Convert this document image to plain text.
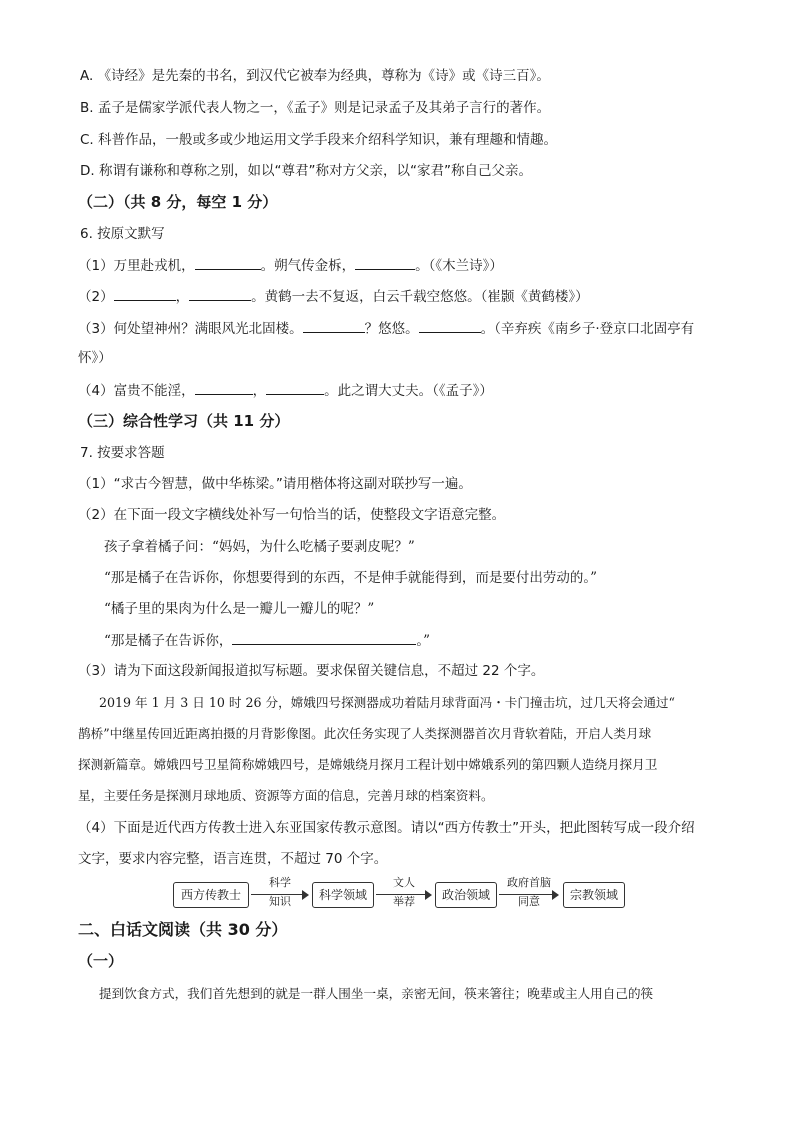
A. 《诗经》是先秦的书名，到汉代它被奉为经典，尊称为《诗》或《诗三百》。
B. 孟子是儒家学派代表人物之一，《孟子》则是记录孟子及其弟子言行的著作。
C. 科普作品，一般或多或少地运用文学手段来介绍科学知识，兼有理趣和情趣。
D. 称谓有谦称和尊称之别，如以“尊君”称对方父亲，以“家君”称自己父亲。
（二）（共 8 分，每空 1 分）
6. 按原文默写
（1）万里赴戎机，	。朔气传金柝，	。（《木兰诗》）
（2）	，	。黄鹤一去不复返，白云千载空悠悠。（崔颢《黄鹤楼》）
（3）何处望神州？满眼风光北固楼。	？悠悠。	。（辛弃疾《南乡子·登京口北固亭有
怀》）
（4）富贵不能淫，	，	。此之谓大丈夫。（《孟子》）
（三）综合性学习（共 11 分）
7. 按要求答题
（1）“求古今智慧，做中华栋梁。”请用楷体将这副对联抄写一遍。
（2）在下面一段文字横线处补写一句恰当的话，使整段文字语意完整。
孩子拿着橘子问：“妈妈，为什么吃橘子要剥皮呢？”
“那是橘子在告诉你，你想要得到的东西，不是伸手就能得到，而是要付出劳动的。”
“橘子里的果肉为什么是一瓣儿一瓣儿的呢？”
“那是橘子在告诉你，	。”
（3）请为下面这段新闻报道拟写标题。要求保留关键信息，不超过 22 个字。
2019 年 1 月 3 日 10 时 26 分，嫦娥四号探测器成功着陆月球背面冯・卡门撞击坑，过几天将会通过“
鹊桥”中继星传回近距离拍摄的月背影像图。此次任务实现了人类探测器首次月背软着陆，开启人类月球
探测新篇章。嫦娥四号卫星简称嫦娥四号，是嫦娥绕月探月工程计划中嫦娥系列的第四颗人造绕月探月卫
星，主要任务是探测月球地质、资源等方面的信息，完善月球的档案资料。
（4）下面是近代西方传教士进入东亚国家传教示意图。请以“西方传教士”开头，把此图转写成一段介绍
文字，要求内容完整，语言连贯，不超过 70 个字。
西方传教士
科学
知识	科学领域
文人
举荐	政治领域
政府首脑
同意	宗教领域
二、白话文阅读（共 30 分）
（一）
提到饮食方式，我们首先想到的就是一群人围坐一桌，亲密无间，筷来箸往；晚辈或主人用自己的筷
